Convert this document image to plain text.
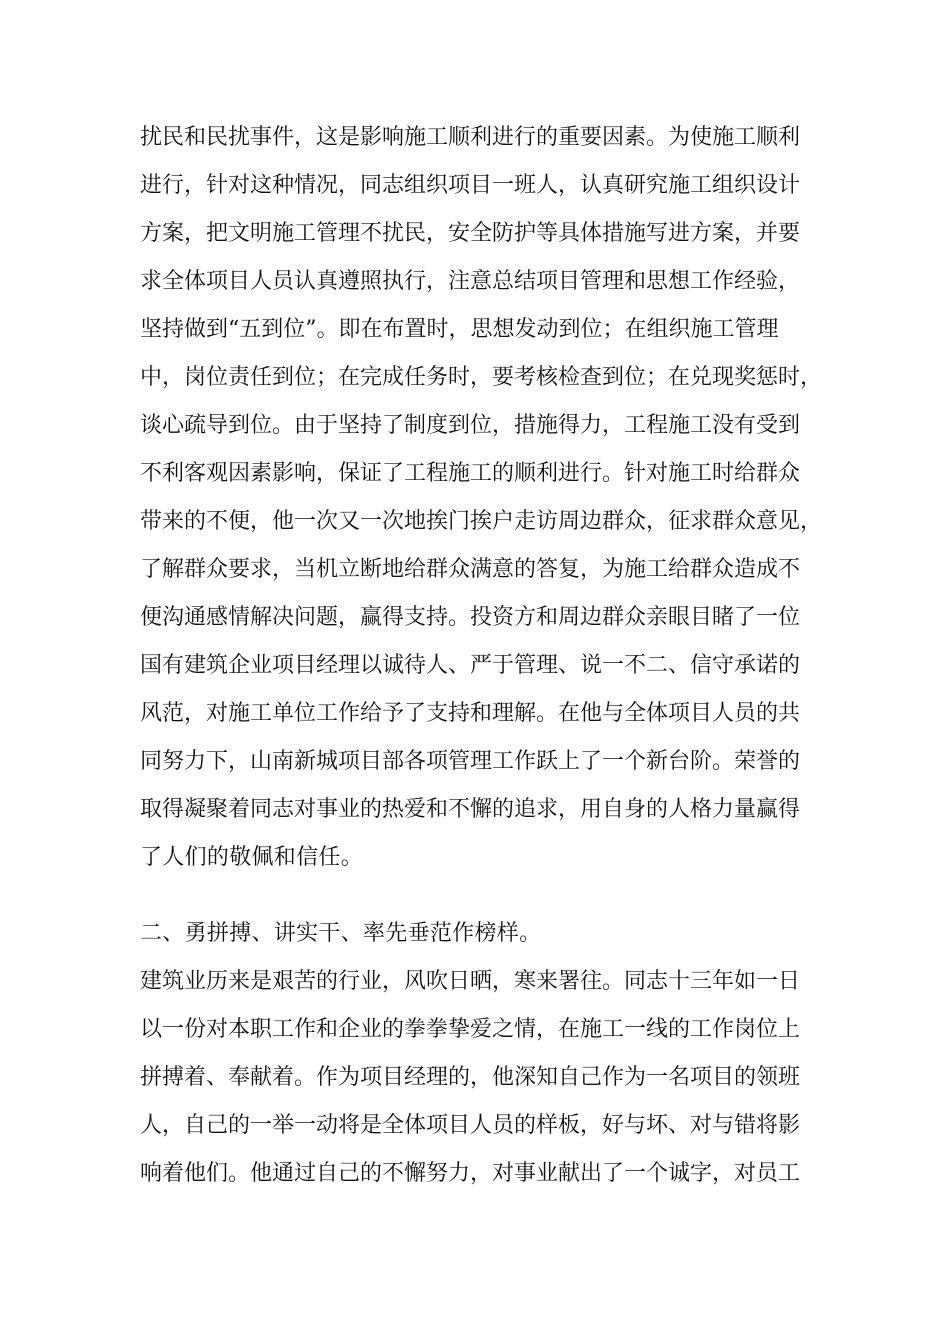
扰民和民扰事件，这是影响施工顺利进行的重要因素。为使施工顺利
进行，针对这种情况，同志组织项目一班人，认真研究施工组织设计
方案，把文明施工管理不扰民，安全防护等具体措施写进方案，并要
求全体项目人员认真遵照执行，注意总结项目管理和思想工作经验，
坚持做到“五到位”。即在布置时，思想发动到位；在组织施工管理
中，岗位责任到位；在完成任务时，要考核检查到位；在兑现奖惩时，
谈心疏导到位。由于坚持了制度到位，措施得力，工程施工没有受到
不利客观因素影响，保证了工程施工的顺利进行。针对施工时给群众
带来的不便，他一次又一次地挨门挨户走访周边群众，征求群众意见，
了解群众要求，当机立断地给群众满意的答复，为施工给群众造成不
便沟通感情解决问题，赢得支持。投资方和周边群众亲眼目睹了一位
国有建筑企业项目经理以诚待人、严于管理、说一不二、信守承诺的
风范，对施工单位工作给予了支持和理解。在他与全体项目人员的共
同努力下，山南新城项目部各项管理工作跃上了一个新台阶。荣誉的
取得凝聚着同志对事业的热爱和不懈的追求，用自身的人格力量赢得
了人们的敬佩和信任。
二、勇拼搏、讲实干、率先垂范作榜样。
建筑业历来是艰苦的行业，风吹日晒，寒来署往。同志十三年如一日
以一份对本职工作和企业的拳拳挚爱之情，在施工一线的工作岗位上
拼搏着、奉献着。作为项目经理的，他深知自己作为一名项目的领班
人，自己的一举一动将是全体项目人员的样板，好与坏、对与错将影
响着他们。他通过自己的不懈努力，对事业献出了一个诚字，对员工
